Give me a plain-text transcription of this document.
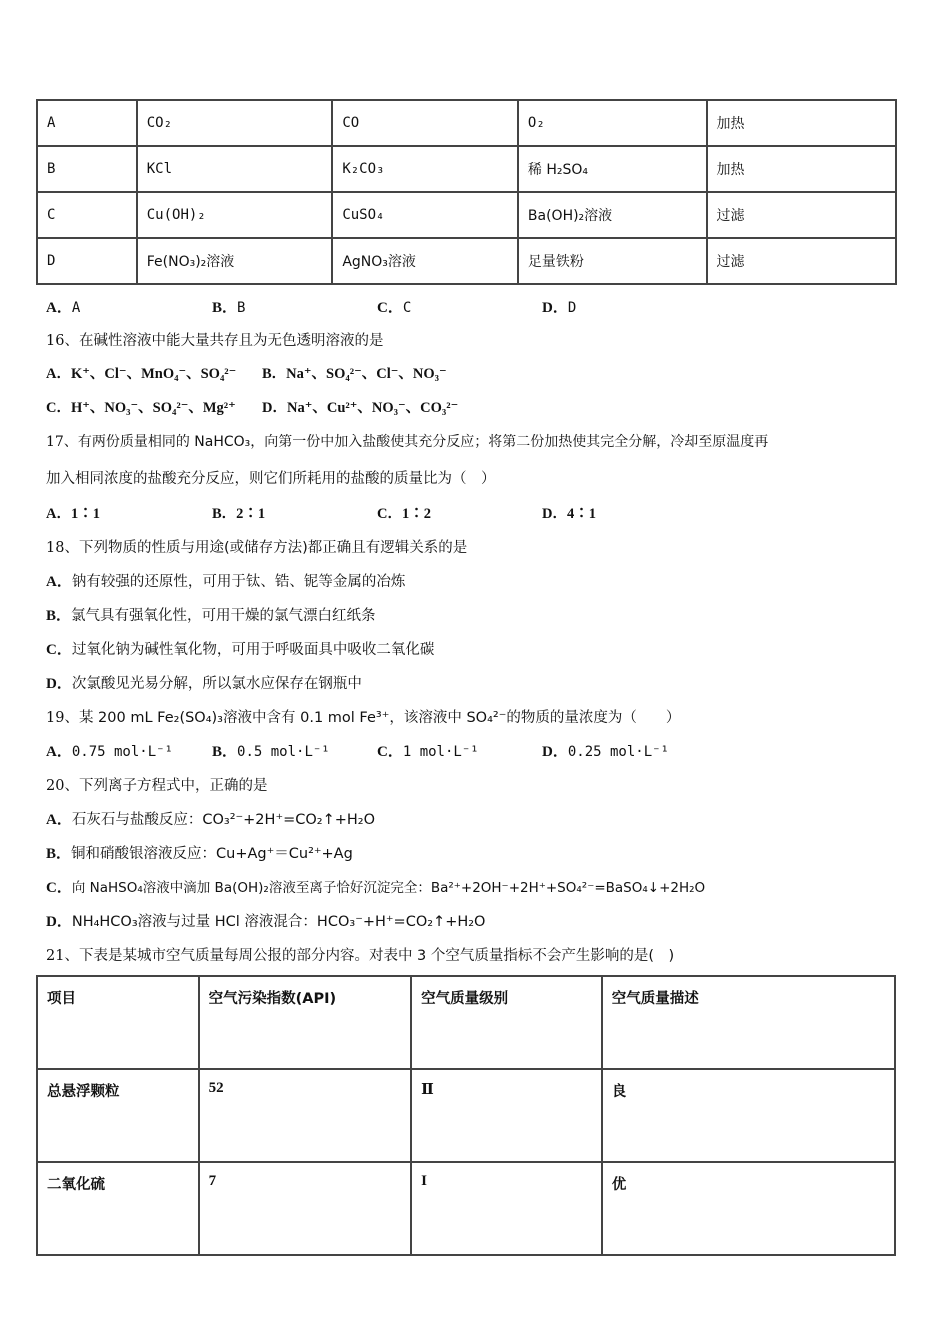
A	CO₂	CO	O₂	加热
B	KCl	K₂CO₃	稀 H₂SO₄	加热
C	Cu(OH)₂	CuSO₄	Ba(OH)₂溶液	过滤
D	Fe(NO₃)₂溶液	AgNO₃溶液	足量铁粉	过滤
A．A	B．B	C．C	D．D
16、在碱性溶液中能大量共存且为无色透明溶液的是
A．K⁺、Cl⁻、MnO₄⁻、SO₄²⁻ B．Na⁺、SO₄²⁻、Cl⁻、NO₃⁻
C．H⁺、NO₃⁻、SO₄²⁻、Mg²⁺ D．Na⁺、Cu²⁺、NO₃⁻、CO₃²⁻
17、有两份质量相同的 NaHCO₃，向第一份中加入盐酸使其充分反应；将第二份加热使其完全分解，冷却至原温度再
加入相同浓度的盐酸充分反应，则它们所耗用的盐酸的质量比为（　）
A．1∶1	B．2∶1	C．1∶2	D．4∶1
18、下列物质的性质与用途(或储存方法)都正确且有逻辑关系的是
A．钠有较强的还原性，可用于钛、锆、铌等金属的冶炼
B．氯气具有强氧化性，可用干燥的氯气漂白红纸条
C．过氧化钠为碱性氧化物，可用于呼吸面具中吸收二氧化碳
D．次氯酸见光易分解，所以氯水应保存在钢瓶中
19、某 200 mL Fe₂(SO₄)₃溶液中含有 0.1 mol Fe³⁺，该溶液中 SO₄²⁻的物质的量浓度为（　　）
A．0.75 mol·L⁻¹	B．0.5 mol·L⁻¹	C．1 mol·L⁻¹	D．0.25 mol·L⁻¹
20、下列离子方程式中，正确的是
A．石灰石与盐酸反应：CO₃²⁻+2H⁺=CO₂↑+H₂O
B．铜和硝酸银溶液反应：Cu+Ag⁺＝Cu²⁺+Ag
C．向 NaHSO₄溶液中滴加 Ba(OH)₂溶液至离子恰好沉淀完全：Ba²⁺+2OH⁻+2H⁺+SO₄²⁻=BaSO₄↓+2H₂O
D．NH₄HCO₃溶液与过量 HCl 溶液混合：HCO₃⁻+H⁺=CO₂↑+H₂O
21、下表是某城市空气质量每周公报的部分内容。对表中 3 个空气质量指标不会产生影响的是(　)
项目	空气污染指数(API)	空气质量级别	空气质量描述
总悬浮颗粒	52	Ⅱ	良
二氧化硫	7	I	优
